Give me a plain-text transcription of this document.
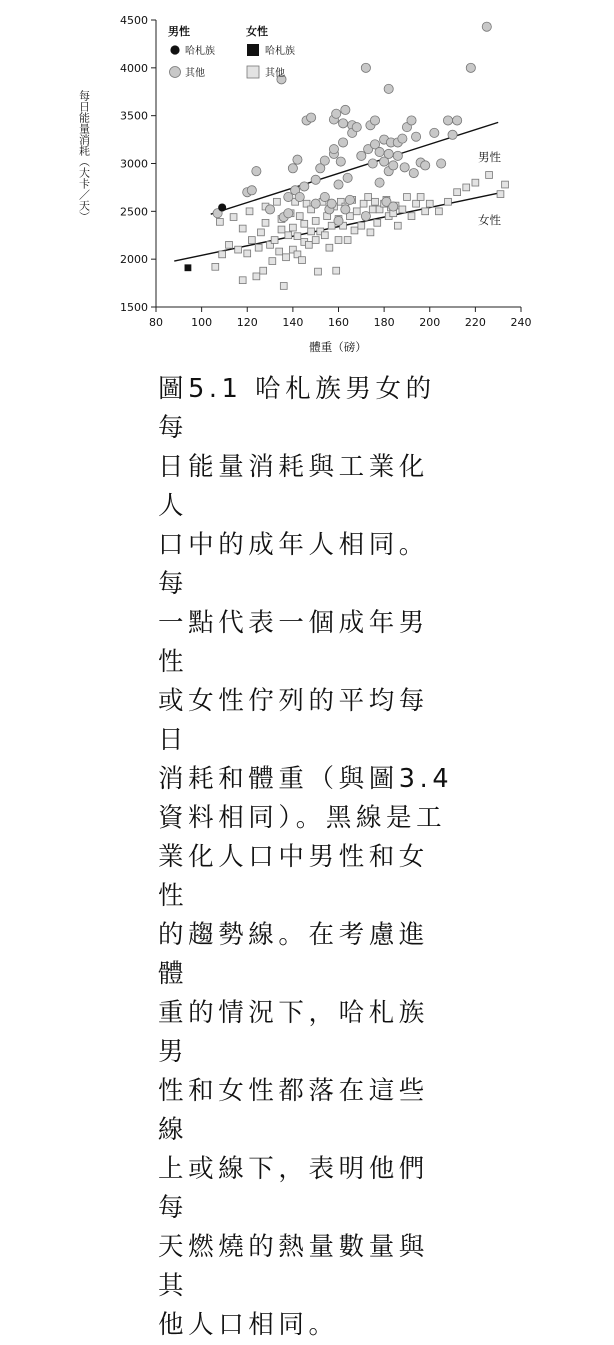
1500
2000
2500
3000
3500
4000
4500
80	100 120 140 160 180 200 220 240
男性
女性
男性
哈札族
其他
女性
哈札族
其他
每日能量消耗（大卡／天）
體重（磅）

圖5.1 哈札族男女的每

日能量消耗與工業化人

口中的成年人相同。每

一點代表一個成年男性

或女性佇列的平均每日

消耗和體重（與圖3.4

資料相同）。黑線是工

業化人口中男性和女性

的趨勢線。在考慮進體

重的情況下，哈札族男

性和女性都落在這些線

上或線下，表明他們每

天燃燒的熱量數量與其

他人口相同。
